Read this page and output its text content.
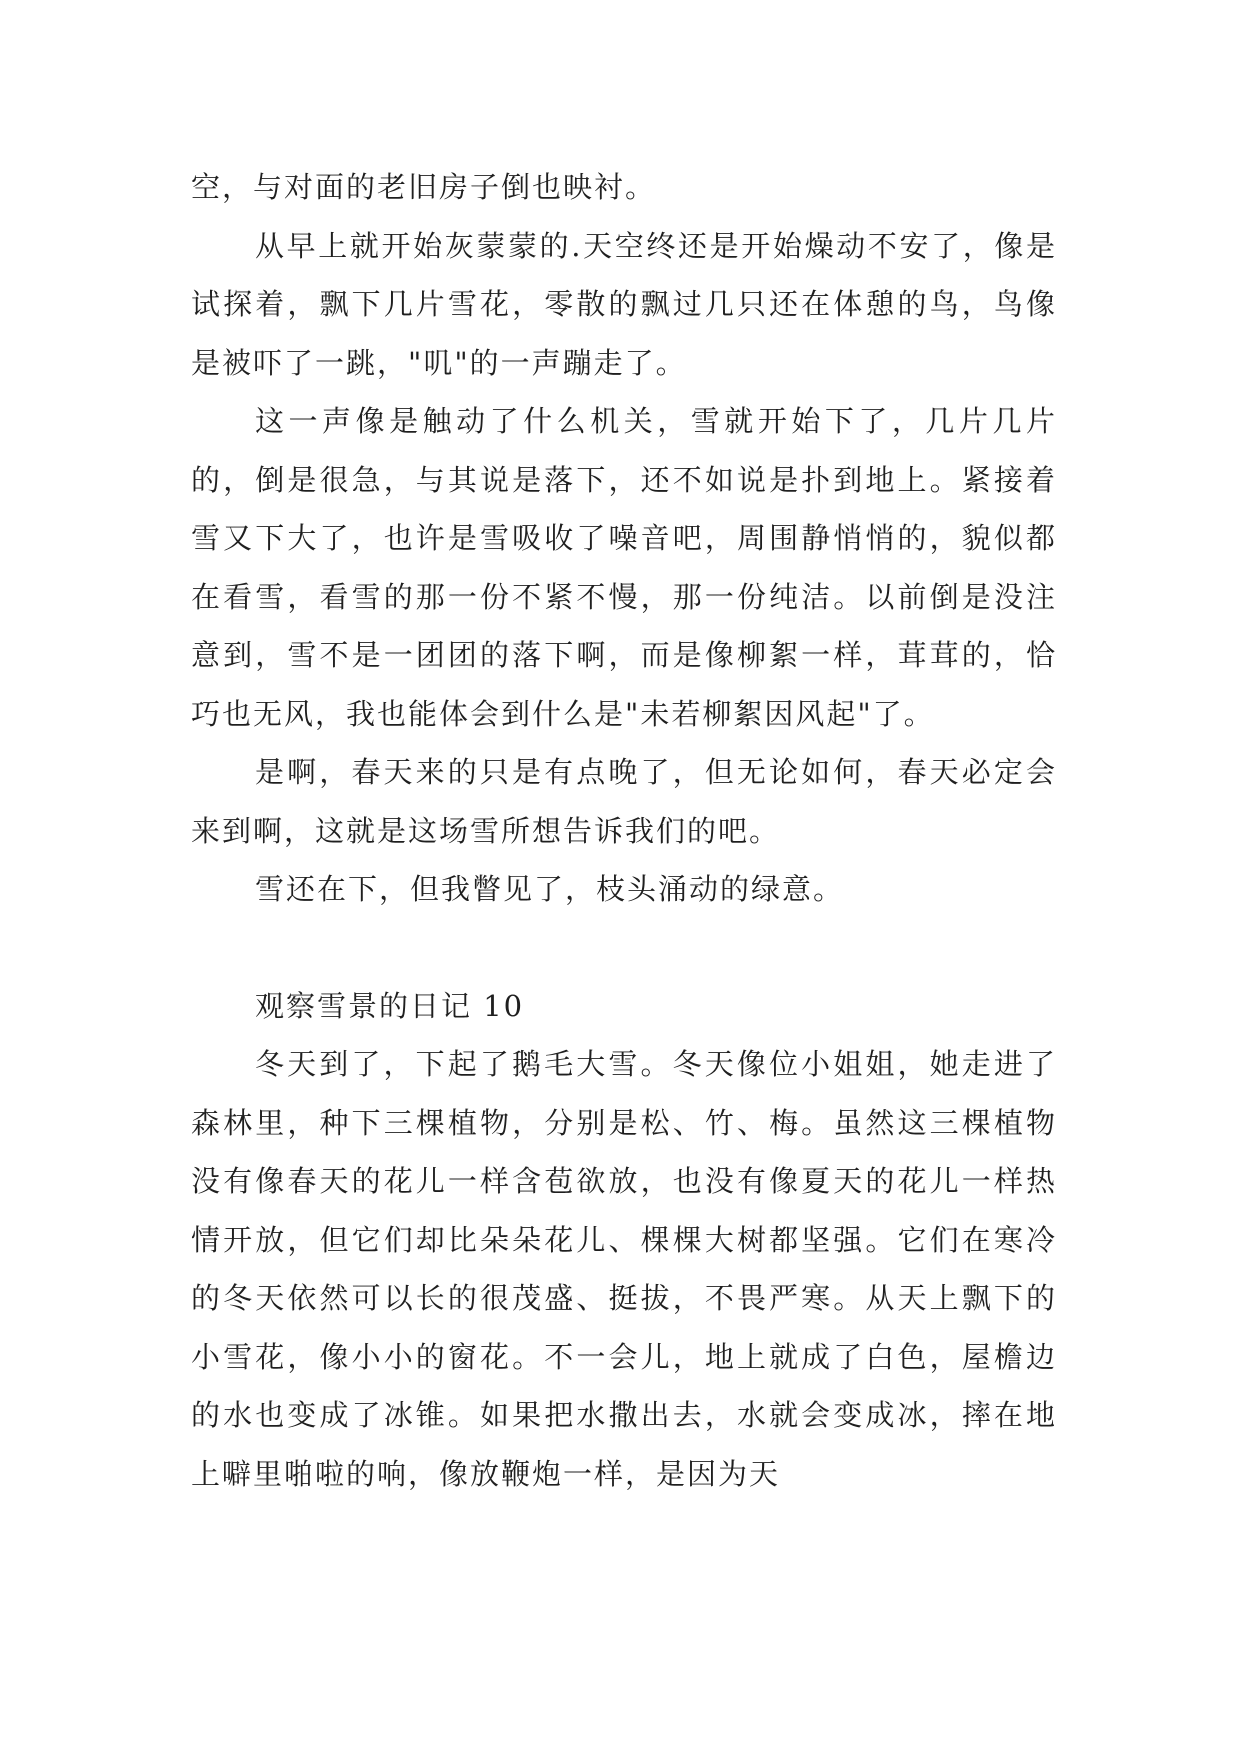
空，与对面的老旧房子倒也映衬。

从早上就开始灰蒙蒙的.天空终还是开始燥动不安了，像是试探着，飘下几片雪花，零散的飘过几只还在体憩的鸟，鸟像是被吓了一跳，"叽"的一声蹦走了。

这一声像是触动了什么机关，雪就开始下了，几片几片的，倒是很急，与其说是落下，还不如说是扑到地上。紧接着雪又下大了，也许是雪吸收了噪音吧，周围静悄悄的，貌似都在看雪，看雪的那一份不紧不慢，那一份纯洁。以前倒是没注意到，雪不是一团团的落下啊，而是像柳絮一样，茸茸的，恰巧也无风，我也能体会到什么是"未若柳絮因风起"了。

是啊，春天来的只是有点晚了，但无论如何，春天必定会来到啊，这就是这场雪所想告诉我们的吧。

雪还在下，但我瞥见了，枝头涌动的绿意。

观察雪景的日记 10

冬天到了，下起了鹅毛大雪。冬天像位小姐姐，她走进了森林里，种下三棵植物，分别是松、竹、梅。虽然这三棵植物没有像春天的花儿一样含苞欲放，也没有像夏天的花儿一样热情开放，但它们却比朵朵花儿、棵棵大树都坚强。它们在寒冷的冬天依然可以长的很茂盛、挺拔，不畏严寒。从天上飘下的小雪花，像小小的窗花。不一会儿，地上就成了白色，屋檐边的水也变成了冰锥。如果把水撒出去，水就会变成冰，摔在地上噼里啪啦的响，像放鞭炮一样，是因为天
